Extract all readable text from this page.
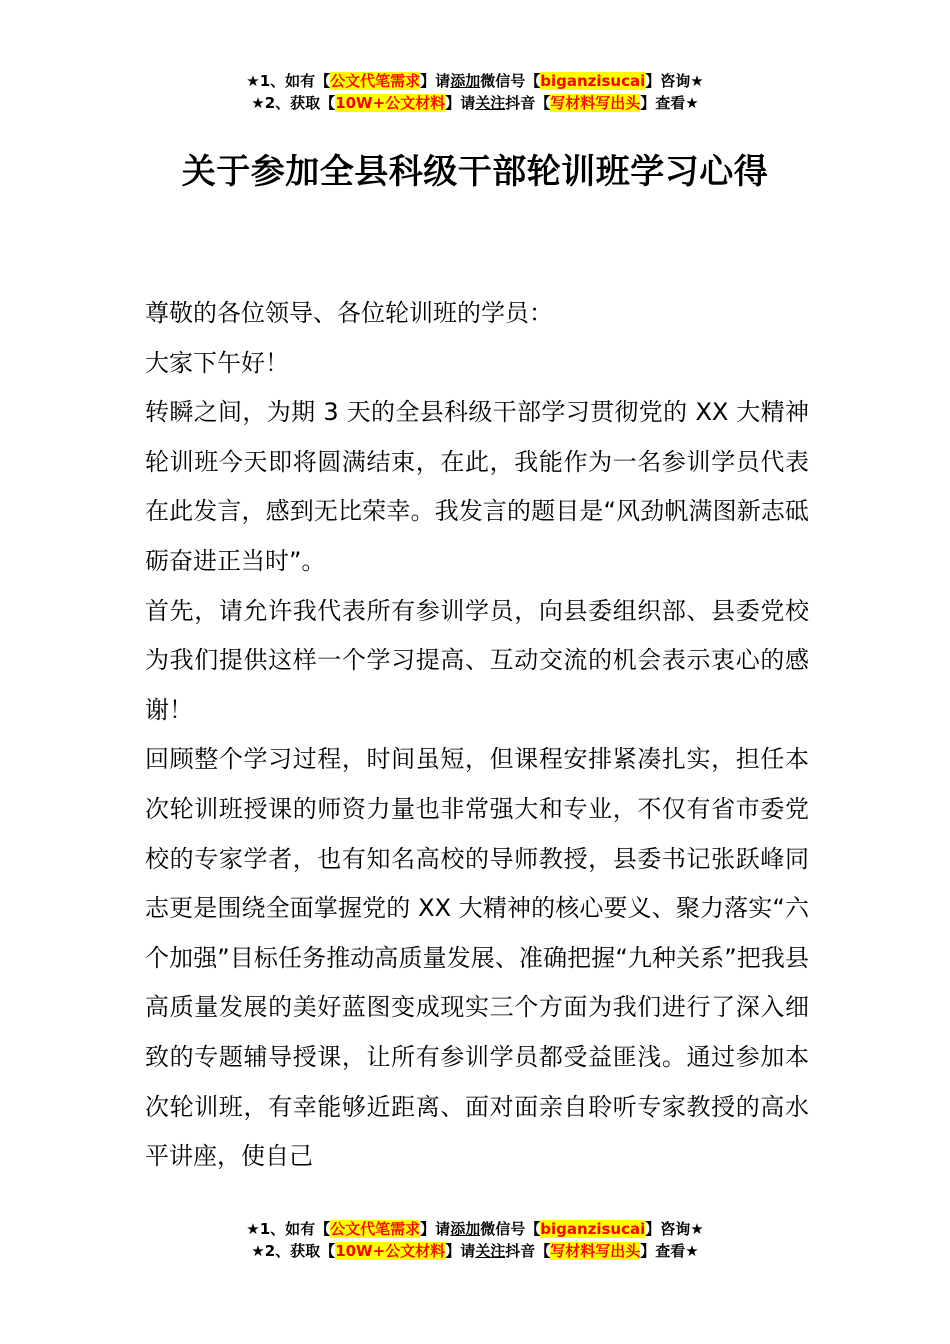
★1、如有【公文代笔需求】请添加微信号【biganzisucai】咨询★
★2、获取【10W+公文材料】请关注抖音【写材料写出头】查看★
关于参加全县科级干部轮训班学习心得

尊敬的各位领导、各位轮训班的学员：

大家下午好！

转瞬之间，为期 3 天的全县科级干部学习贯彻党的 XX 大精神轮训班今天即将圆满结束，在此，我能作为一名参训学员代表在此发言，感到无比荣幸。我发言的题目是“风劲帆满图新志砥砺奋进正当时”。

首先，请允许我代表所有参训学员，向县委组织部、县委党校为我们提供这样一个学习提高、互动交流的机会表示衷心的感谢！

回顾整个学习过程，时间虽短，但课程安排紧凑扎实，担任本次轮训班授课的师资力量也非常强大和专业，不仅有省市委党校的专家学者，也有知名高校的导师教授，县委书记张跃峰同志更是围绕全面掌握党的 XX 大精神的核心要义、聚力落实“六个加强”目标任务推动高质量发展、准确把握“九种关系”把我县高质量发展的美好蓝图变成现实三个方面为我们进行了深入细致的专题辅导授课，让所有参训学员都受益匪浅。通过参加本次轮训班，有幸能够近距离、面对面亲自聆听专家教授的高水平讲座，使自己

★1、如有【公文代笔需求】请添加微信号【biganzisucai】咨询★
★2、获取【10W+公文材料】请关注抖音【写材料写出头】查看★
